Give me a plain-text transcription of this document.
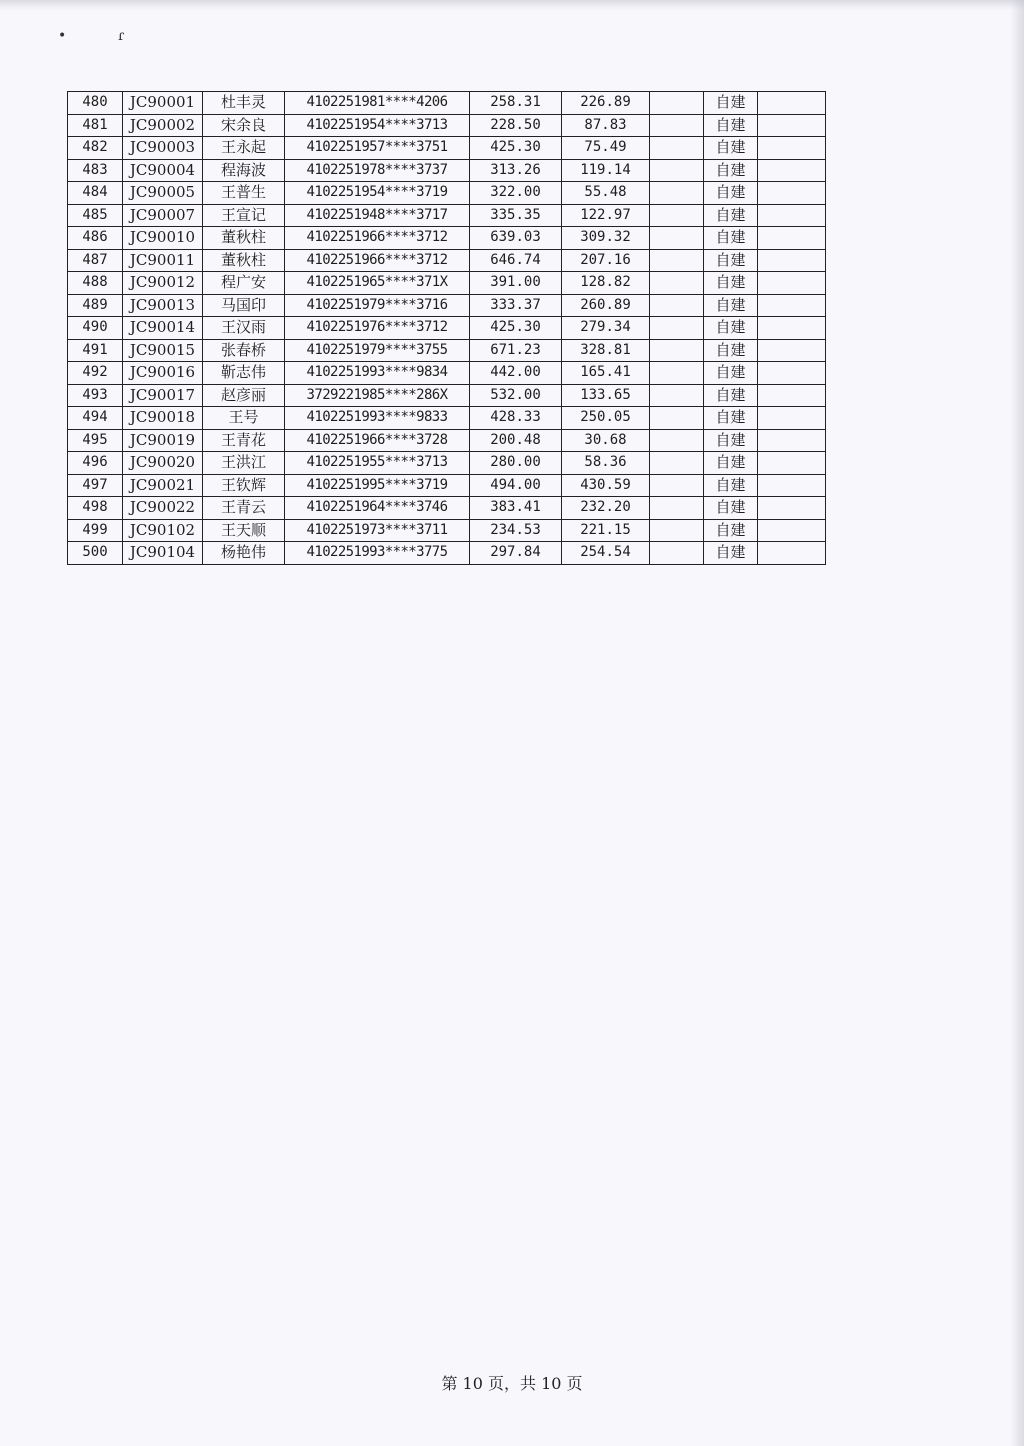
•	ɾ
480	JC90001	杜丰灵	4102251981****4206	258.31	226.89		自建	
481	JC90002	宋余良	4102251954****3713	228.50	87.83		自建	
482	JC90003	王永起	4102251957****3751	425.30	75.49		自建	
483	JC90004	程海波	4102251978****3737	313.26	119.14		自建	
484	JC90005	王普生	4102251954****3719	322.00	55.48		自建	
485	JC90007	王宣记	4102251948****3717	335.35	122.97		自建	
486	JC90010	董秋柱	4102251966****3712	639.03	309.32		自建	
487	JC90011	董秋柱	4102251966****3712	646.74	207.16		自建	
488	JC90012	程广安	4102251965****371X	391.00	128.82		自建	
489	JC90013	马国印	4102251979****3716	333.37	260.89		自建	
490	JC90014	王汉雨	4102251976****3712	425.30	279.34		自建	
491	JC90015	张春桥	4102251979****3755	671.23	328.81		自建	
492	JC90016	靳志伟	4102251993****9834	442.00	165.41		自建	
493	JC90017	赵彦丽	3729221985****286X	532.00	133.65		自建	
494	JC90018	王号	4102251993****9833	428.33	250.05		自建	
495	JC90019	王青花	4102251966****3728	200.48	30.68		自建	
496	JC90020	王洪江	4102251955****3713	280.00	58.36		自建	
497	JC90021	王钦辉	4102251995****3719	494.00	430.59		自建	
498	JC90022	王青云	4102251964****3746	383.41	232.20		自建	
499	JC90102	王天顺	4102251973****3711	234.53	221.15		自建	
500	JC90104	杨艳伟	4102251993****3775	297.84	254.54		自建	
第 10 页，共 10 页
